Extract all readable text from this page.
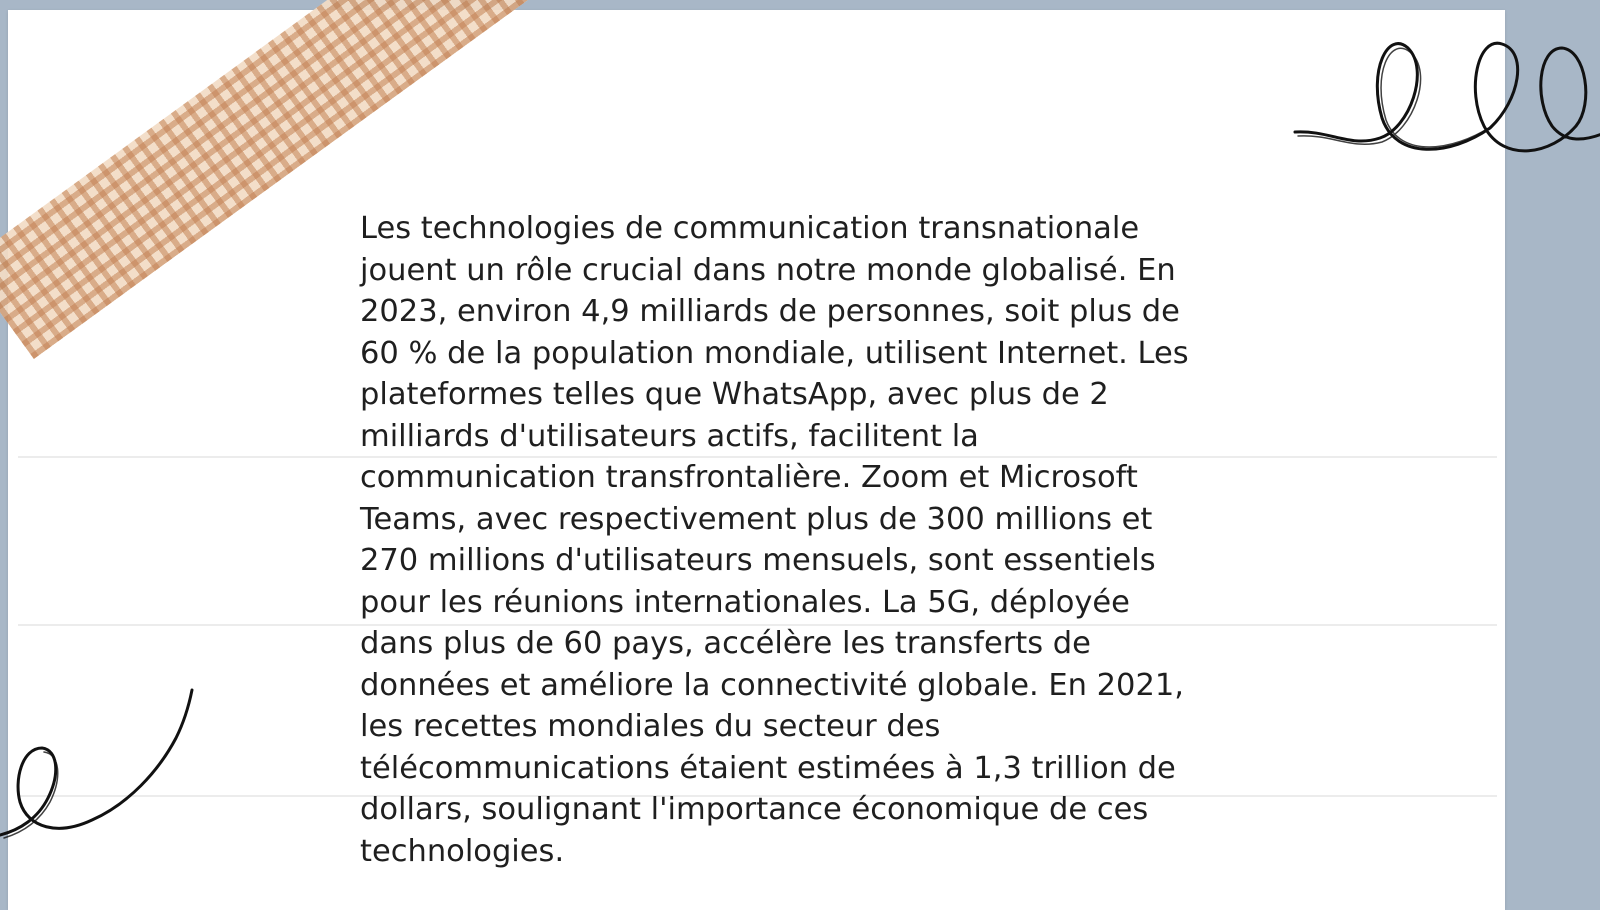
Les technologies de communication transnationale
jouent un rôle crucial dans notre monde globalisé. En
2023, environ 4,9 milliards de personnes, soit plus de
60 % de la population mondiale, utilisent Internet. Les
plateformes telles que WhatsApp, avec plus de 2
milliards d'utilisateurs actifs, facilitent la
communication transfrontalière. Zoom et Microsoft
Teams, avec respectivement plus de 300 millions et
270 millions d'utilisateurs mensuels, sont essentiels
pour les réunions internationales. La 5G, déployée
dans plus de 60 pays, accélère les transferts de
données et améliore la connectivité globale. En 2021,
les recettes mondiales du secteur des
télécommunications étaient estimées à 1,3 trillion de
dollars, soulignant l'importance économique de ces
technologies.
